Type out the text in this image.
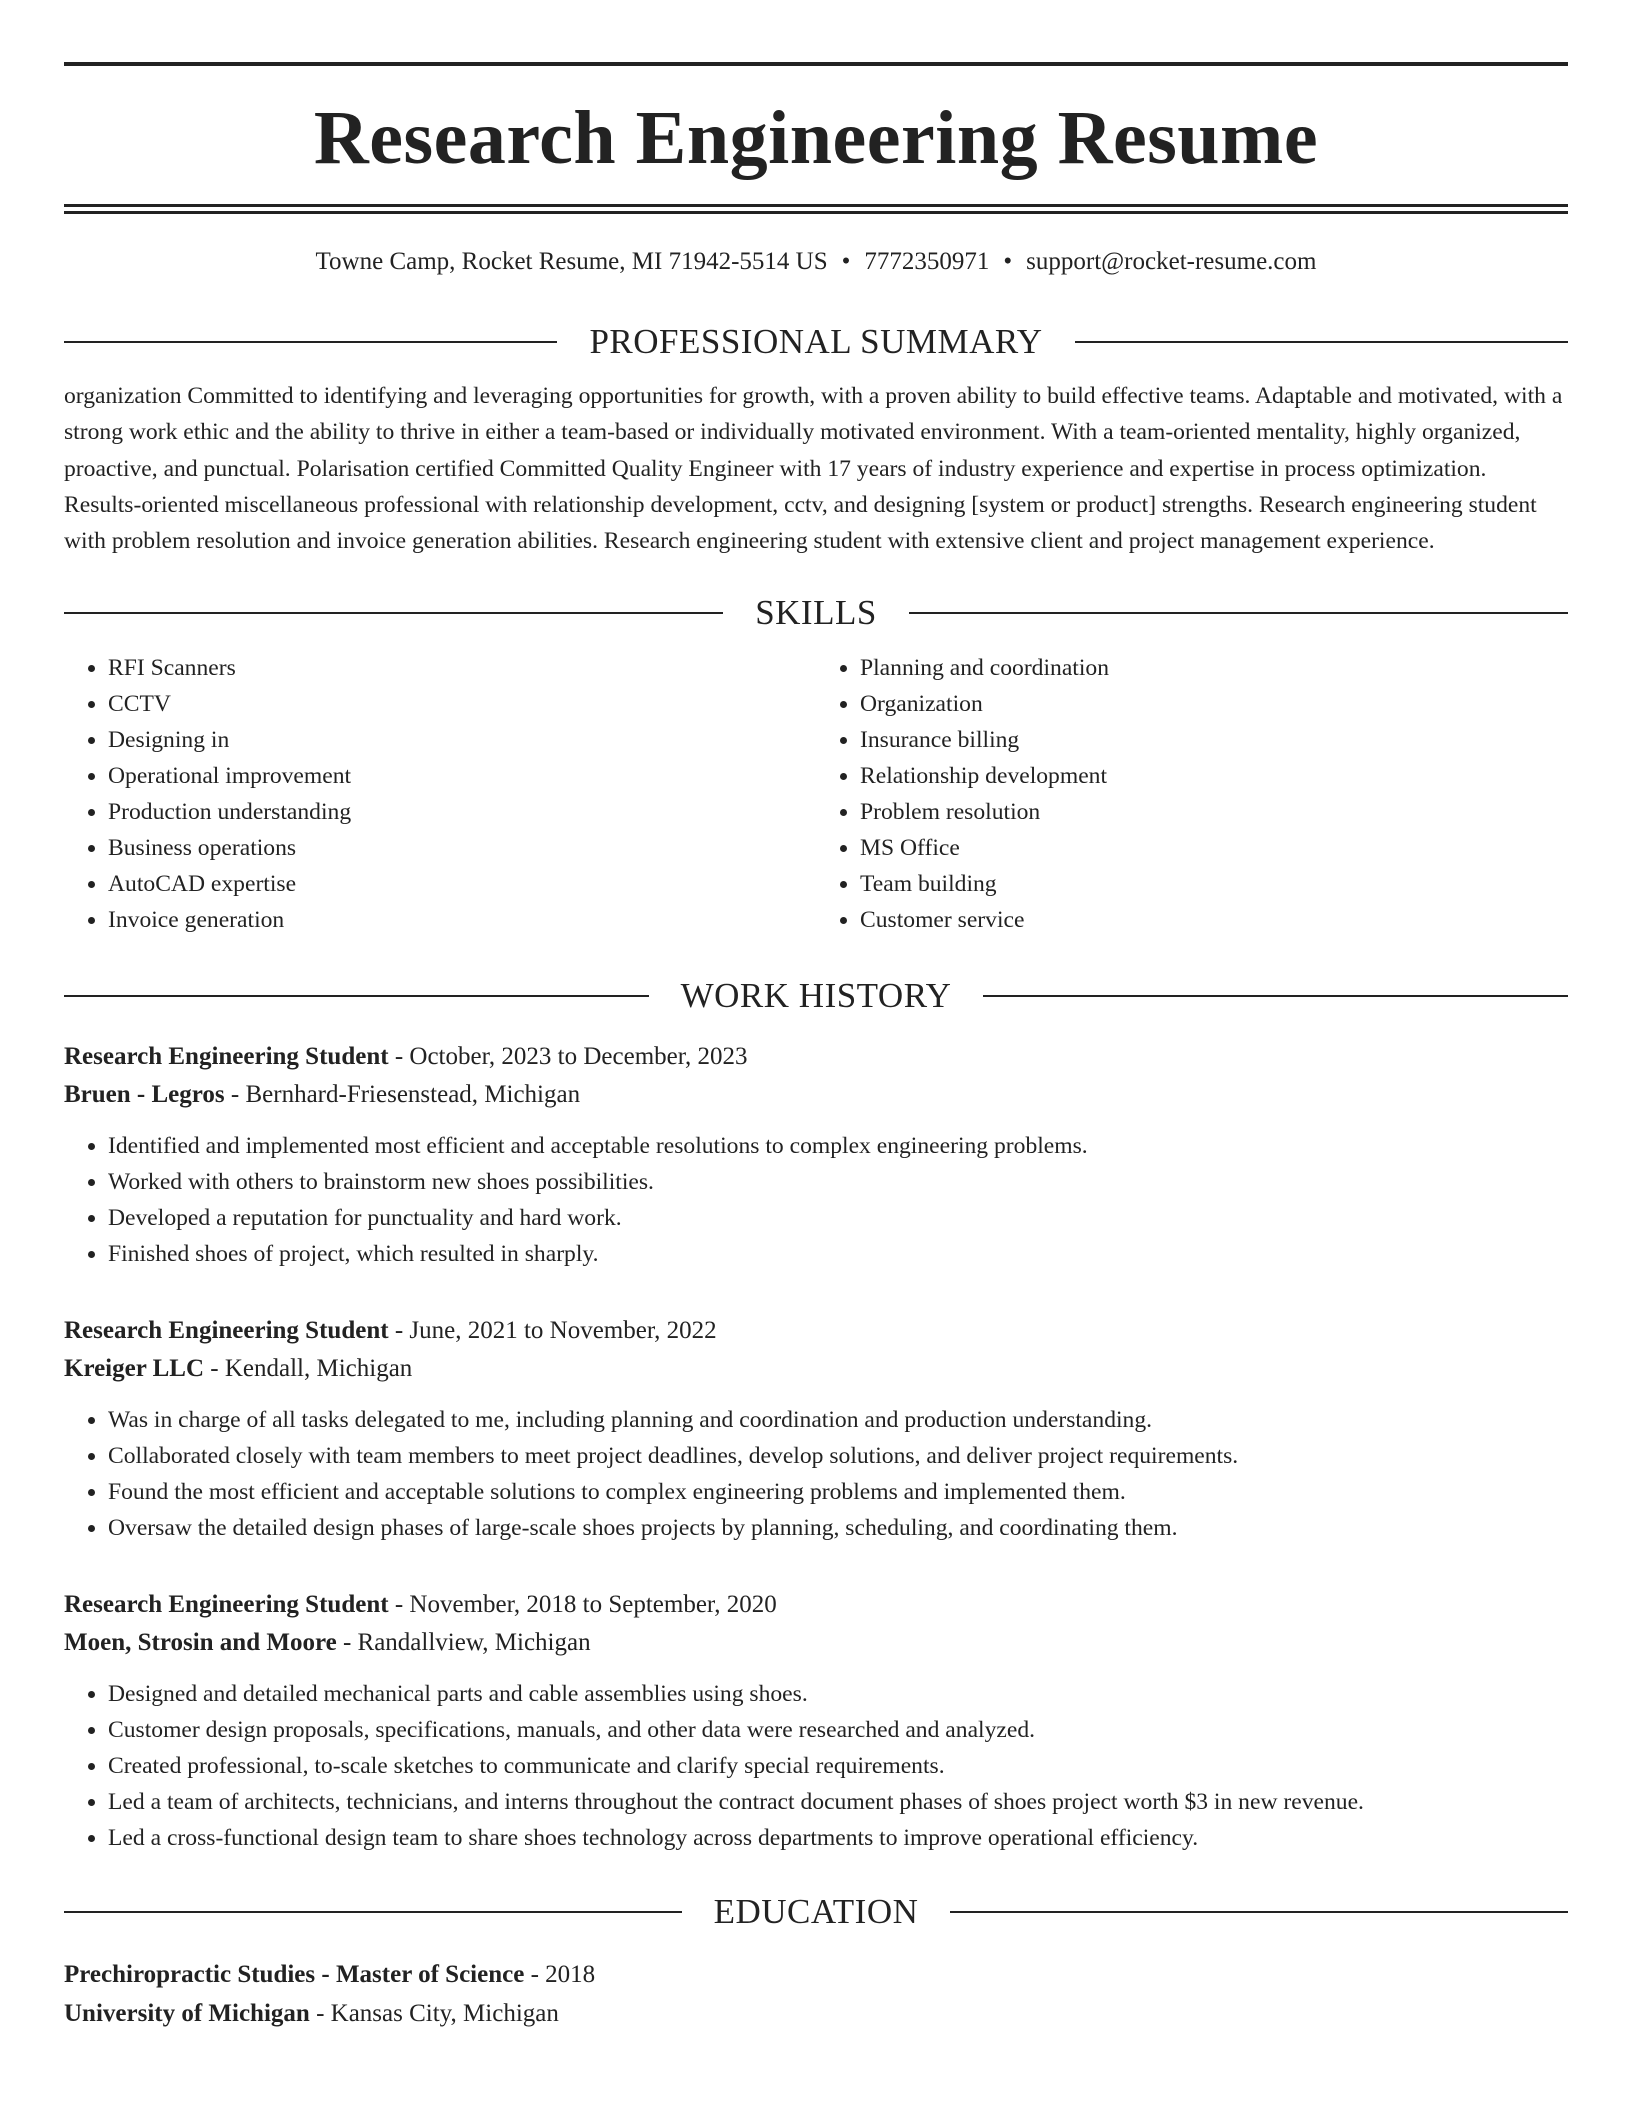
Research Engineering Resume
Towne Camp, Rocket Resume, MI 71942-5514 US • 7772350971 • support@rocket-resume.com
PROFESSIONAL SUMMARY

organization Committed to identifying and leveraging opportunities for growth, with a proven ability to build effective teams. Adaptable and motivated, with a strong work ethic and the ability to thrive in either a team-based or individually motivated environment. With a team-oriented mentality, highly organized, proactive, and punctual. Polarisation certified Committed Quality Engineer with 17 years of industry experience and expertise in process optimization. Results-oriented miscellaneous professional with relationship development, cctv, and designing [system or product] strengths. Research engineering student with problem resolution and invoice generation abilities. Research engineering student with extensive client and project management experience.

SKILLS
• RFI Scanners
• CCTV
• Designing in
• Operational improvement
• Production understanding
• Business operations
• AutoCAD expertise
• Invoice generation
• Planning and coordination
• Organization
• Insurance billing
• Relationship development
• Problem resolution
• MS Office
• Team building
• Customer service
WORK HISTORY
Research Engineering Student - October, 2023 to December, 2023
Bruen - Legros - Bernhard-Friesenstead, Michigan
• Identified and implemented most efficient and acceptable resolutions to complex engineering problems.
• Worked with others to brainstorm new shoes possibilities.
• Developed a reputation for punctuality and hard work.
• Finished shoes of project, which resulted in sharply.
Research Engineering Student - June, 2021 to November, 2022
Kreiger LLC - Kendall, Michigan
• Was in charge of all tasks delegated to me, including planning and coordination and production understanding.
• Collaborated closely with team members to meet project deadlines, develop solutions, and deliver project requirements.
• Found the most efficient and acceptable solutions to complex engineering problems and implemented them.
• Oversaw the detailed design phases of large-scale shoes projects by planning, scheduling, and coordinating them.
Research Engineering Student - November, 2018 to September, 2020
Moen, Strosin and Moore - Randallview, Michigan
• Designed and detailed mechanical parts and cable assemblies using shoes.
• Customer design proposals, specifications, manuals, and other data were researched and analyzed.
• Created professional, to-scale sketches to communicate and clarify special requirements.
• Led a team of architects, technicians, and interns throughout the contract document phases of shoes project worth $3 in new revenue.
• Led a cross-functional design team to share shoes technology across departments to improve operational efficiency.
EDUCATION
Prechiropractic Studies - Master of Science - 2018
University of Michigan - Kansas City, Michigan
